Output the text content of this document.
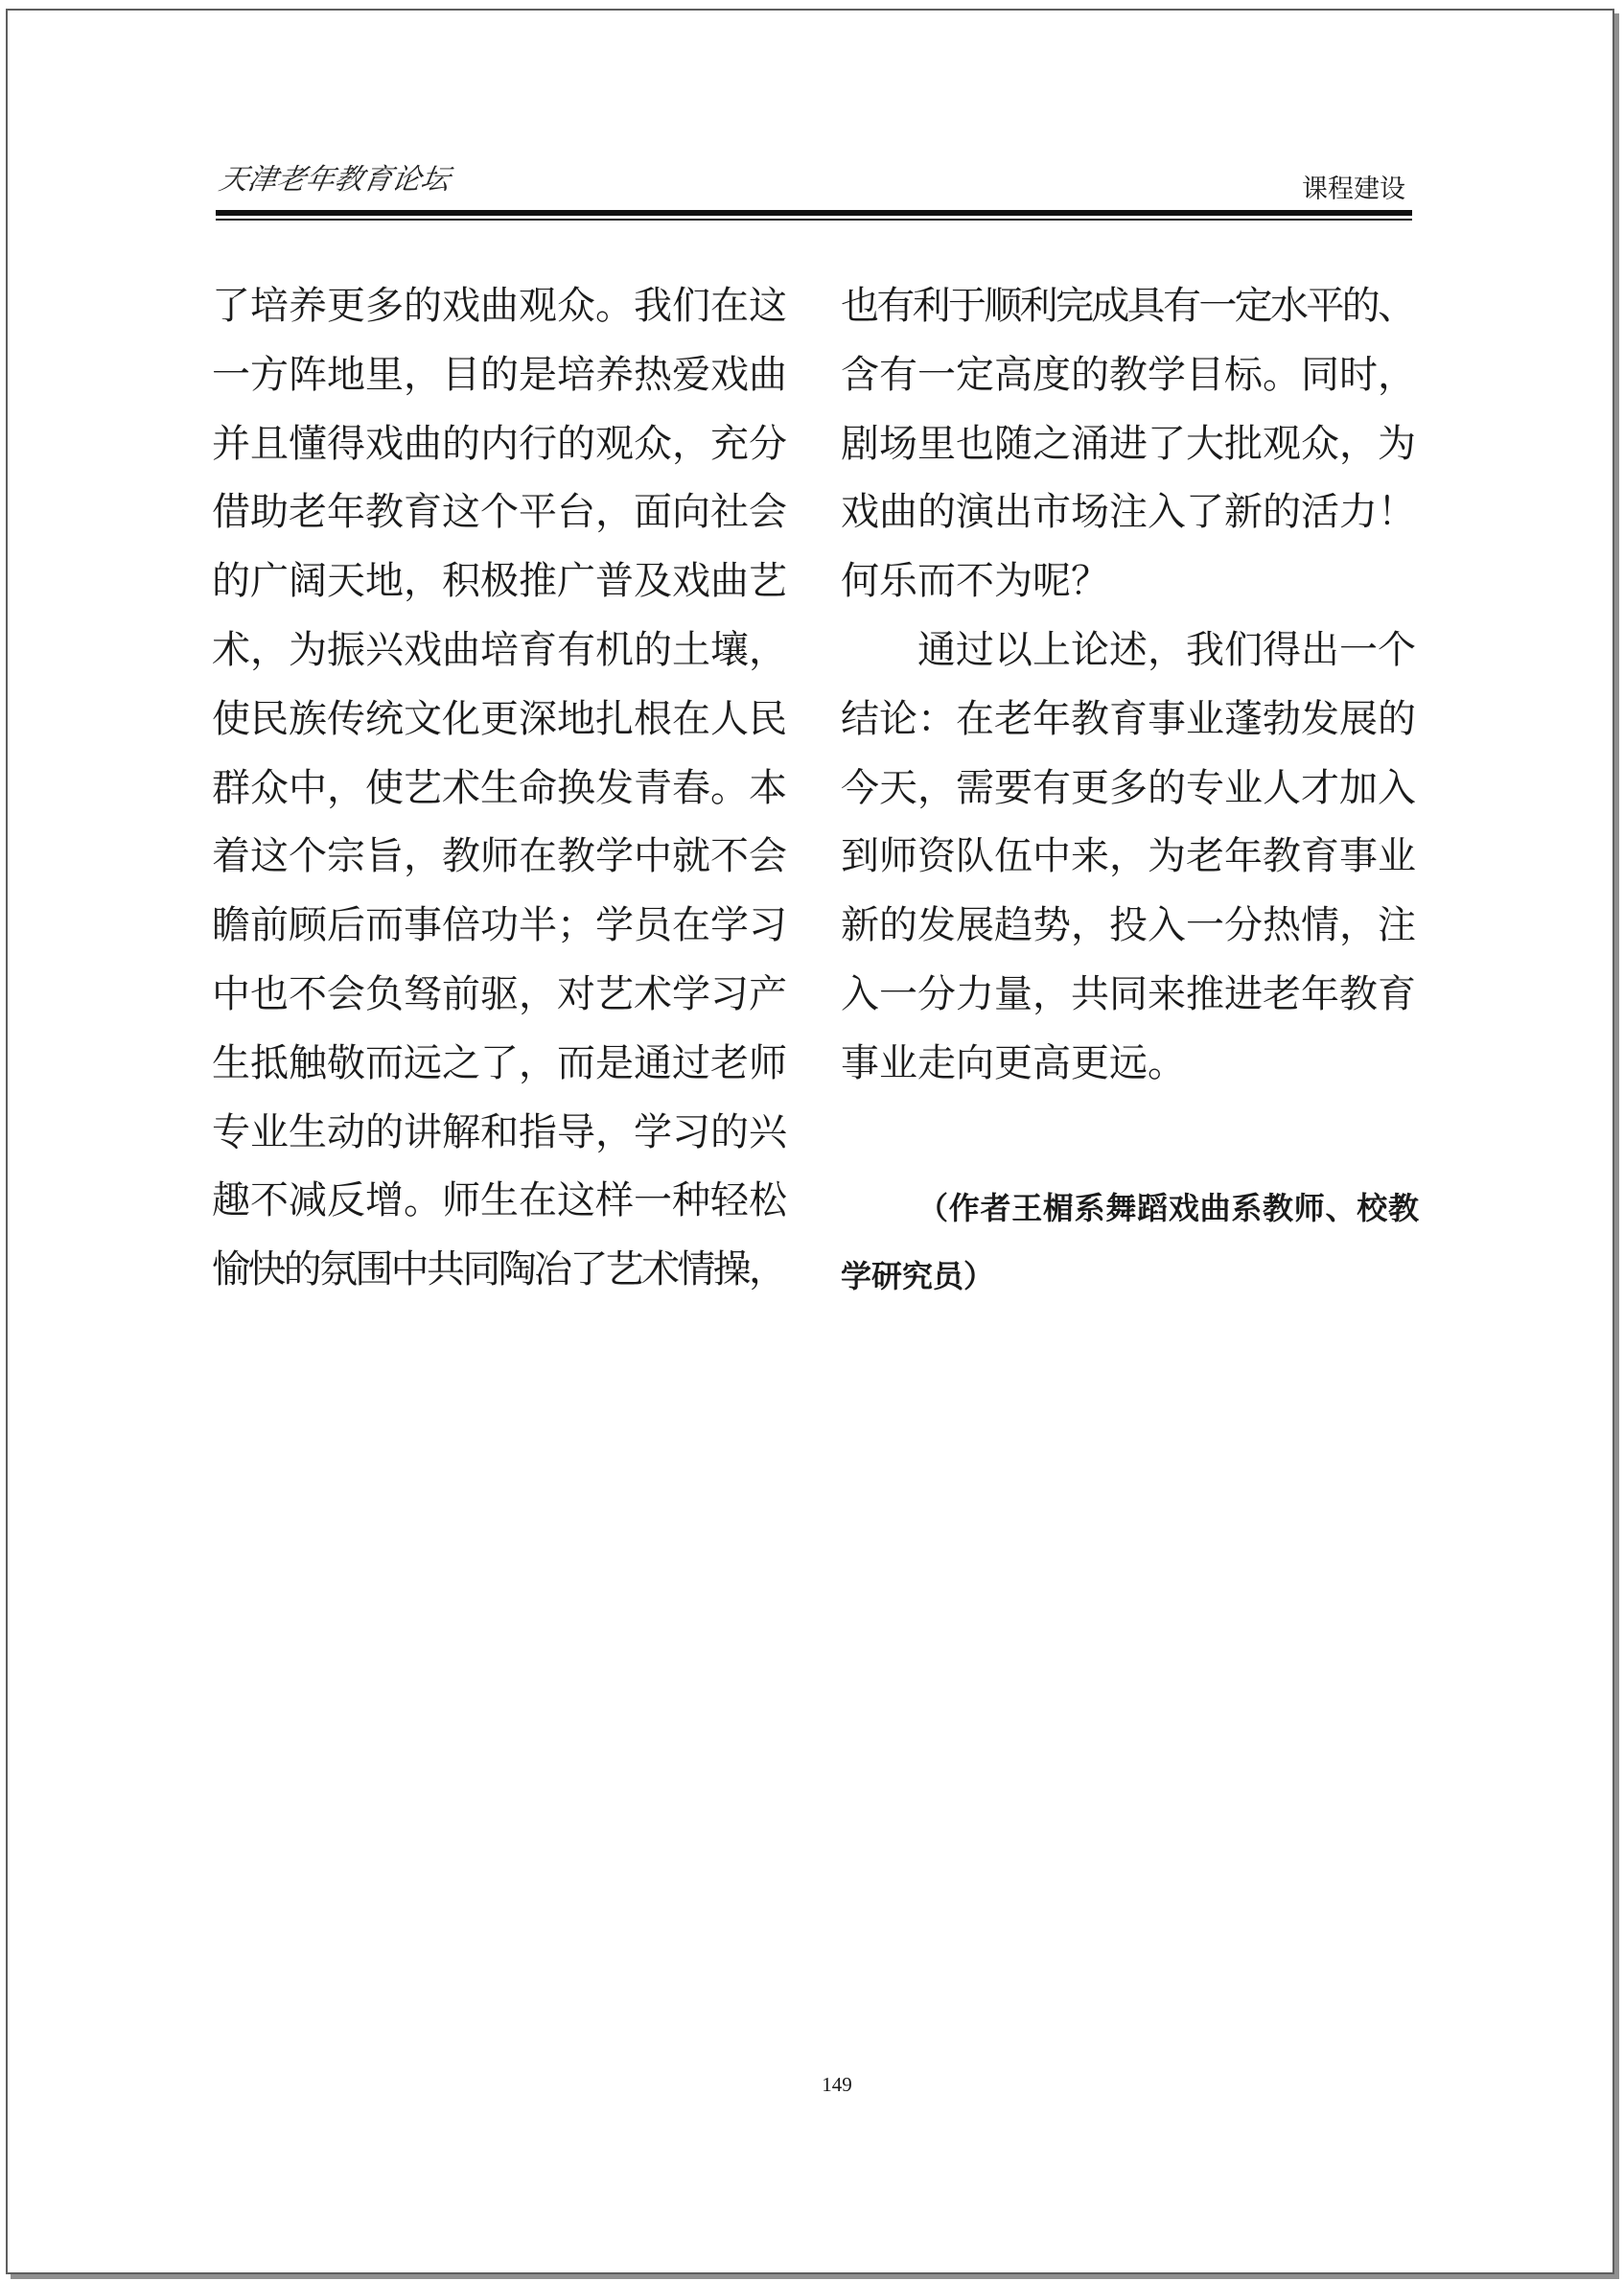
天津老年教育论坛	课程建设
了培养更多的戏曲观众。我们在这
一方阵地里，目的是培养热爱戏曲
并且懂得戏曲的内行的观众，充分
借助老年教育这个平台，面向社会
的广阔天地，积极推广普及戏曲艺
术，为振兴戏曲培育有机的土壤，
使民族传统文化更深地扎根在人民
群众中，使艺术生命换发青春。本
着这个宗旨，教师在教学中就不会
瞻前顾后而事倍功半；学员在学习
中也不会负驽前驱，对艺术学习产
生抵触敬而远之了，而是通过老师
专业生动的讲解和指导，学习的兴
趣不减反增。师生在这样一种轻松
愉快的氛围中共同陶冶了艺术情操，
也有利于顺利完成具有一定水平的、
含有一定高度的教学目标。同时，
剧场里也随之涌进了大批观众，为
戏曲的演出市场注入了新的活力！
何乐而不为呢？
　　通过以上论述，我们得出一个
结论：在老年教育事业蓬勃发展的
今天，需要有更多的专业人才加入
到师资队伍中来，为老年教育事业
新的发展趋势，投入一分热情，注
入一分力量，共同来推进老年教育
事业走向更高更远。
（作者王楣系舞蹈戏曲系教师、校教
学研究员）
149
